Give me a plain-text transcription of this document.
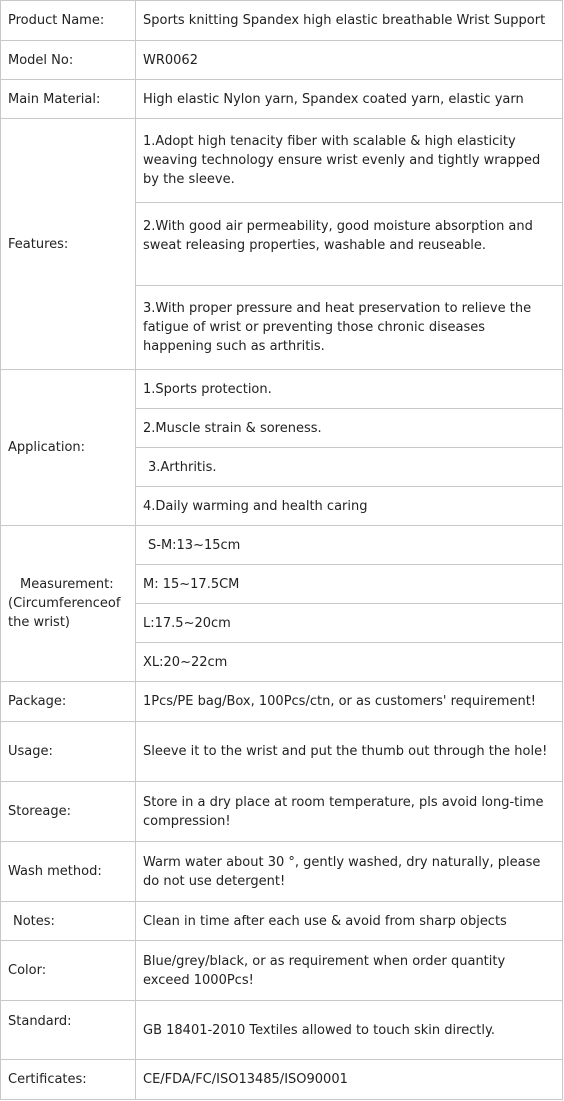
Product Name:	Sports knitting Spandex high elastic breathable Wrist Support
Model No:	WR0062
Main Material:	High elastic Nylon yarn, Spandex coated yarn, elastic yarn
Features:	1.Adopt high tenacity fiber with scalable & high elasticity weaving technology ensure wrist evenly and tightly wrapped by the sleeve.
	2.With good air permeability, good moisture absorption and sweat releasing properties, washable and reuseable.
	3.With proper pressure and heat preservation to relieve the fatigue of wrist or preventing those chronic diseases happening such as arthritis.
Application:	1.Sports protection.
	2.Muscle strain & soreness.
	3.Arthritis.
	4.Daily warming and health caring

Measurement:
(Circumferenceof the wrist)	S-M:13~15cm
	M: 15~17.5CM
	L:17.5~20cm
	XL:20~22cm
Package:	1Pcs/PE bag/Box, 100Pcs/ctn, or as customers' requirement!
Usage:	Sleeve it to the wrist and put the thumb out through the hole!
Storeage:	Store in a dry place at room temperature, pls avoid long-time compression!
Wash method:	Warm water about 30 °, gently washed, dry naturally, please do not use detergent!
Notes:	Clean in time after each use & avoid from sharp objects
Color:	Blue/grey/black, or as requirement when order quantity exceed 1000Pcs!
Standard:	GB 18401-2010 Textiles allowed to touch skin directly.
Certificates:	CE/FDA/FC/ISO13485/ISO90001
